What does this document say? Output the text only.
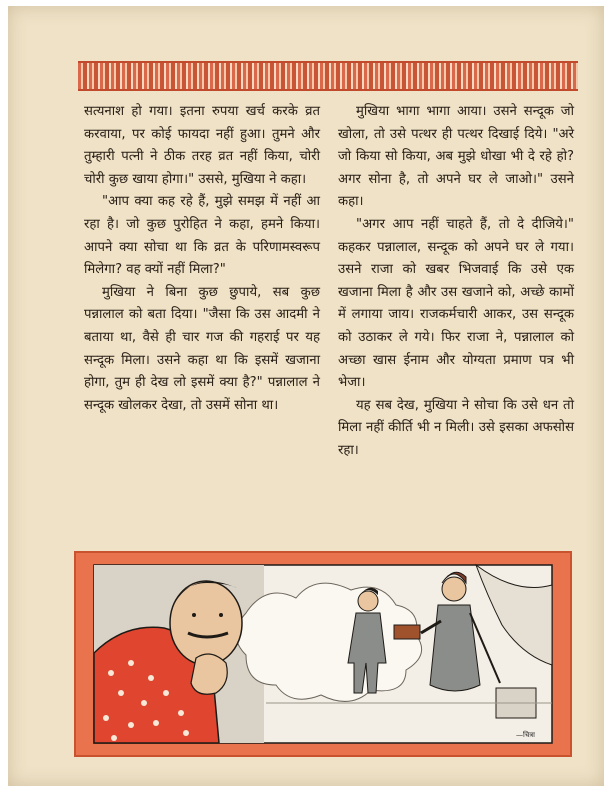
सत्यनाश हो गया। इतना रुपया खर्च करके व्रत करवाया, पर कोई फायदा नहीं हुआ। तुमने और तुम्हारी पत्नी ने ठीक तरह व्रत नहीं किया, चोरी चोरी कुछ खाया होगा।" उससे, मुखिया ने कहा।

"आप क्या कह रहे हैं, मुझे समझ में नहीं आ रहा है। जो कुछ पुरोहित ने कहा, हमने किया। आपने क्या सोचा था कि व्रत के परिणामस्वरूप मिलेगा? वह क्यों नहीं मिला?"

मुखिया ने बिना कुछ छुपाये, सब कुछ पन्नालाल को बता दिया। "जैसा कि उस आदमी ने बताया था, वैसे ही चार गज की गहराई पर यह सन्दूक मिला। उसने कहा था कि इसमें खजाना होगा, तुम ही देख लो इसमें क्या है?" पन्नालाल ने सन्दूक खोलकर देखा, तो उसमें सोना था।

मुखिया भागा भागा आया। उसने सन्दूक जो खोला, तो उसे पत्थर ही पत्थर दिखाई दिये। "अरे जो किया सो किया, अब मुझे धोखा भी दे रहे हो? अगर सोना है, तो अपने घर ले जाओ।" उसने कहा।

"अगर आप नहीं चाहते हैं, तो दे दीजिये।" कहकर पन्नालाल, सन्दूक को अपने घर ले गया। उसने राजा को खबर भिजवाई कि उसे एक खजाना मिला है और उस खजाने को, अच्छे कामों में लगाया जाय। राजकर्मचारी आकर, उस सन्दूक को उठाकर ले गये। फिर राजा ने, पन्नालाल को अच्छा खास ईनाम और योग्यता प्रमाण पत्र भी भेजा।

यह सब देख, मुखिया ने सोचा कि उसे धन तो मिला नहीं कीर्ति भी न मिली। उसे इसका अफसोस रहा।

—चित्रा
